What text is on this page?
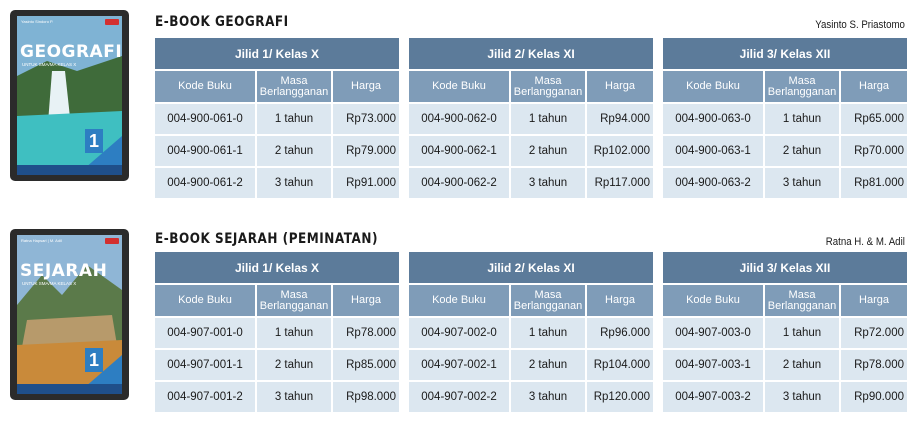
Yasinto Sindoro P.
GEOGRAFI
UNTUK SMA/MA KELAS X
1
E-BOOK GEOGRAFI	Yasinto S. Priastomo
Jilid 1/ Kelas X
Kode Buku	Masa Berlangganan	Harga
004-900-061-0	1 tahun	Rp73.000
004-900-061-1	2 tahun	Rp79.000
004-900-061-2	3 tahun	Rp91.000
Jilid 2/ Kelas XI
Kode Buku	Masa Berlangganan	Harga
004-900-062-0	1 tahun	Rp94.000
004-900-062-1	2 tahun	Rp102.000
004-900-062-2	3 tahun	Rp117.000
Jilid 3/ Kelas XII
Kode Buku	Masa Berlangganan	Harga
004-900-063-0	1 tahun	Rp65.000
004-900-063-1	2 tahun	Rp70.000
004-900-063-2	3 tahun	Rp81.000
Ratna Hapsari | M. Adil
SEJARAH
UNTUK SMA/MA KELAS X
1
E-BOOK SEJARAH (PEMINATAN)	Ratna H. & M. Adil
Jilid 1/ Kelas X
Kode Buku	Masa Berlangganan	Harga
004-907-001-0	1 tahun	Rp78.000
004-907-001-1	2 tahun	Rp85.000
004-907-001-2	3 tahun	Rp98.000
Jilid 2/ Kelas XI
Kode Buku	Masa Berlangganan	Harga
004-907-002-0	1 tahun	Rp96.000
004-907-002-1	2 tahun	Rp104.000
004-907-002-2	3 tahun	Rp120.000
Jilid 3/ Kelas XII
Kode Buku	Masa Berlangganan	Harga
004-907-003-0	1 tahun	Rp72.000
004-907-003-1	2 tahun	Rp78.000
004-907-003-2	3 tahun	Rp90.000
